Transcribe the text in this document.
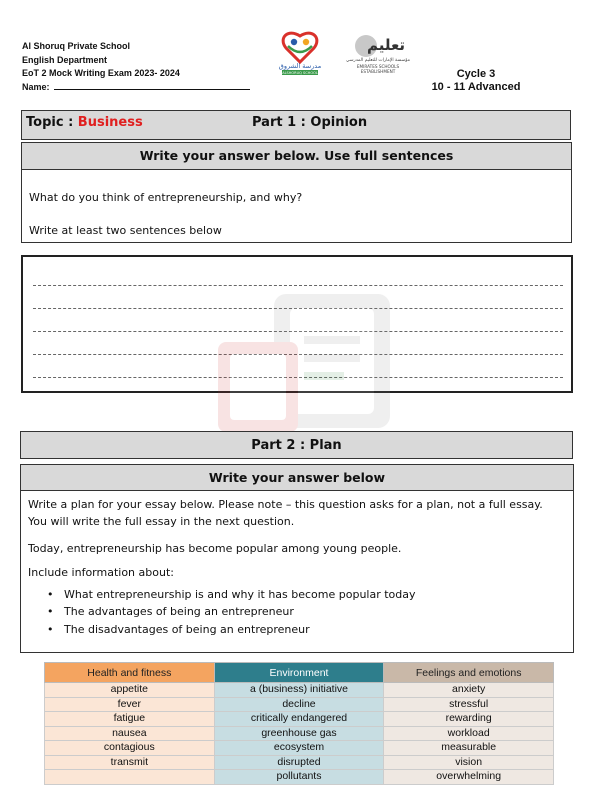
Al Shoruq Private School
English Department
EoT 2 Mock Writing Exam 2023- 2024
Name:
مدرسة الشروق
ALSHORUQ SCHOOL
تعليم
مؤسسة الإمارات للتعليم المدرسي
EMIRATES SCHOOLS
ESTABLISHMENT	Cycle 3
10 - 11 Advanced
Topic : Business	Part 1 : Opinion
Write your answer below. Use full sentences
What do you think of entrepreneurship, and why?
Write at least two sentences below
Part 2 : Plan
Write your answer below
Write a plan for your essay below. Please note – this question asks for a plan, not a full essay.
You will write the full essay in the next question.
Today, entrepreneurship has become popular among young people.
Include information about:
• What entrepreneurship is and why it has become popular today
• The advantages of being an entrepreneur
• The disadvantages of being an entrepreneur
Health and fitness	Environment	Feelings and emotions
appetite	a (business) initiative	anxiety
fever	decline	stressful
fatigue	critically endangered	rewarding
nausea	greenhouse gas	workload
contagious	ecosystem	measurable
transmit	disrupted	vision
	pollutants	overwhelming
